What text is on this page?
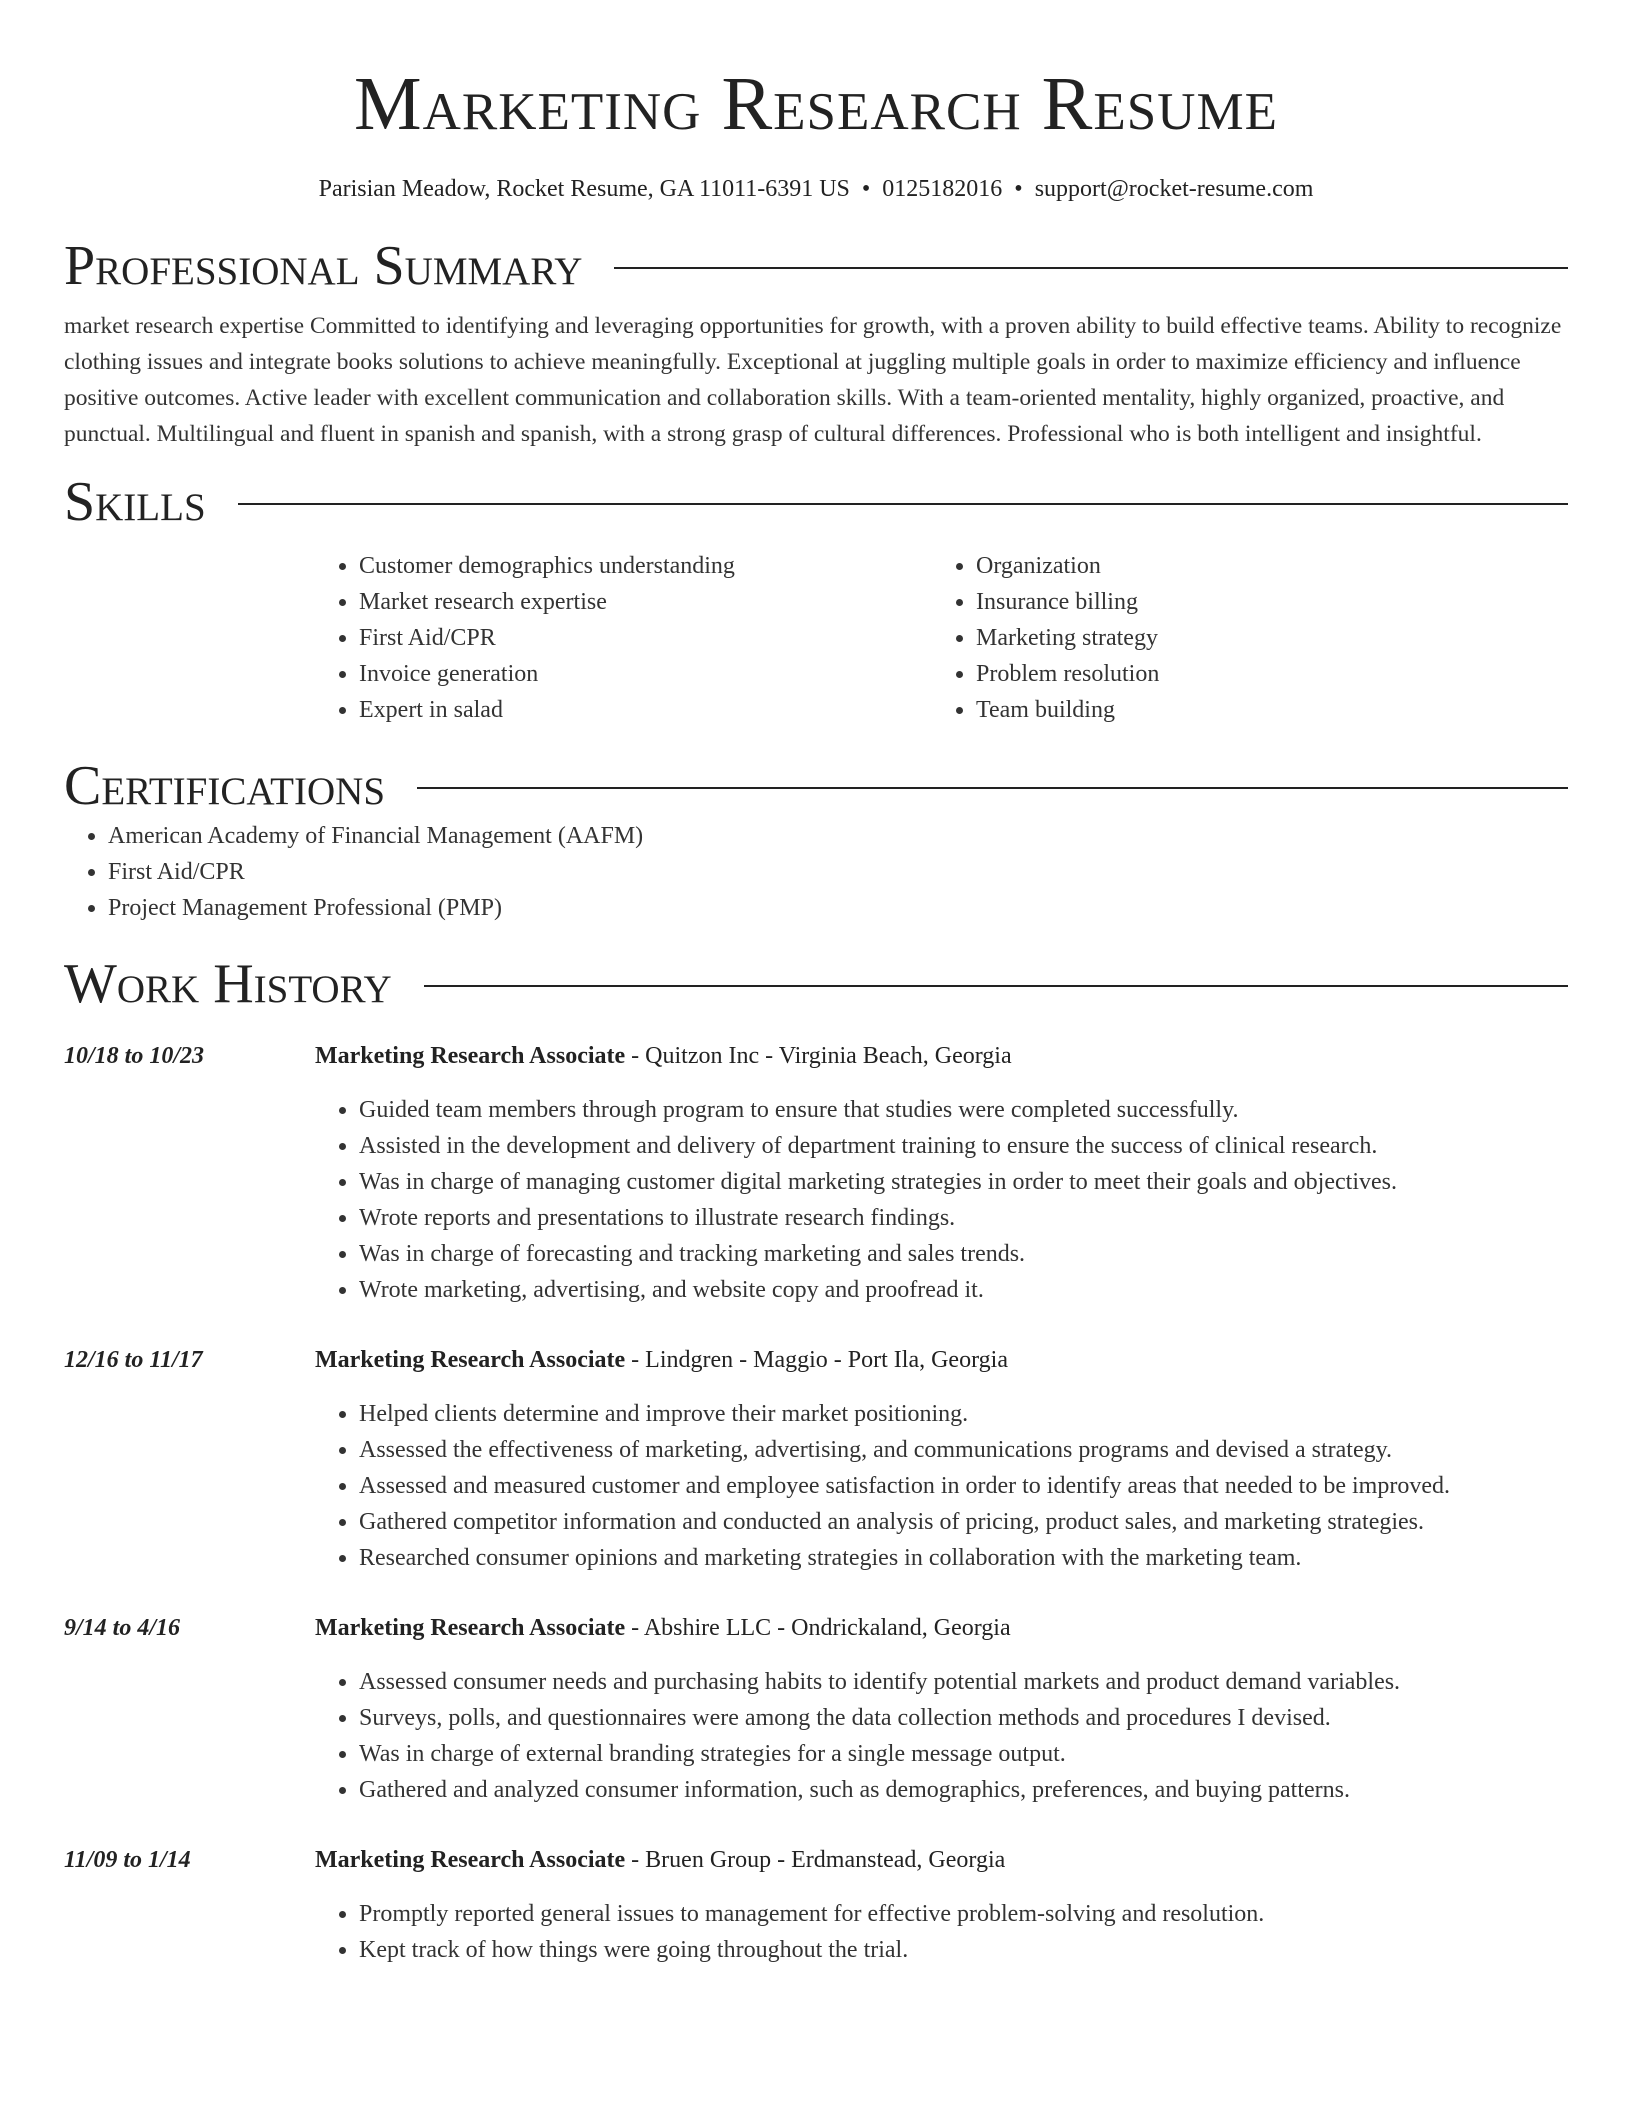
Marketing Research Resume
Parisian Meadow, Rocket Resume, GA 11011-6391 US • 0125182016 • support@rocket-resume.com
Professional Summary

market research expertise Committed to identifying and leveraging opportunities for growth, with a proven ability to build effective teams. Ability to recognize clothing issues and integrate books solutions to achieve meaningfully. Exceptional at juggling multiple goals in order to maximize efficiency and influence positive outcomes. Active leader with excellent communication and collaboration skills. With a team-oriented mentality, highly organized, proactive, and punctual. Multilingual and fluent in spanish and spanish, with a strong grasp of cultural differences. Professional who is both intelligent and insightful.

Skills
• Customer demographics understanding
• Market research expertise
• First Aid/CPR
• Invoice generation
• Expert in salad
• Organization
• Insurance billing
• Marketing strategy
• Problem resolution
• Team building
Certifications
• American Academy of Financial Management (AAFM)
• First Aid/CPR
• Project Management Professional (PMP)
Work History
10/18 to 10/23	Marketing Research Associate - Quitzon Inc - Virginia Beach, Georgia
• Guided team members through program to ensure that studies were completed successfully.
• Assisted in the development and delivery of department training to ensure the success of clinical research.
• Was in charge of managing customer digital marketing strategies in order to meet their goals and objectives.
• Wrote reports and presentations to illustrate research findings.
• Was in charge of forecasting and tracking marketing and sales trends.
• Wrote marketing, advertising, and website copy and proofread it.
12/16 to 11/17	Marketing Research Associate - Lindgren - Maggio - Port Ila, Georgia
• Helped clients determine and improve their market positioning.
• Assessed the effectiveness of marketing, advertising, and communications programs and devised a strategy.
• Assessed and measured customer and employee satisfaction in order to identify areas that needed to be improved.
• Gathered competitor information and conducted an analysis of pricing, product sales, and marketing strategies.
• Researched consumer opinions and marketing strategies in collaboration with the marketing team.
9/14 to 4/16	Marketing Research Associate - Abshire LLC - Ondrickaland, Georgia
• Assessed consumer needs and purchasing habits to identify potential markets and product demand variables.
• Surveys, polls, and questionnaires were among the data collection methods and procedures I devised.
• Was in charge of external branding strategies for a single message output.
• Gathered and analyzed consumer information, such as demographics, preferences, and buying patterns.
11/09 to 1/14	Marketing Research Associate - Bruen Group - Erdmanstead, Georgia
• Promptly reported general issues to management for effective problem-solving and resolution.
• Kept track of how things were going throughout the trial.
